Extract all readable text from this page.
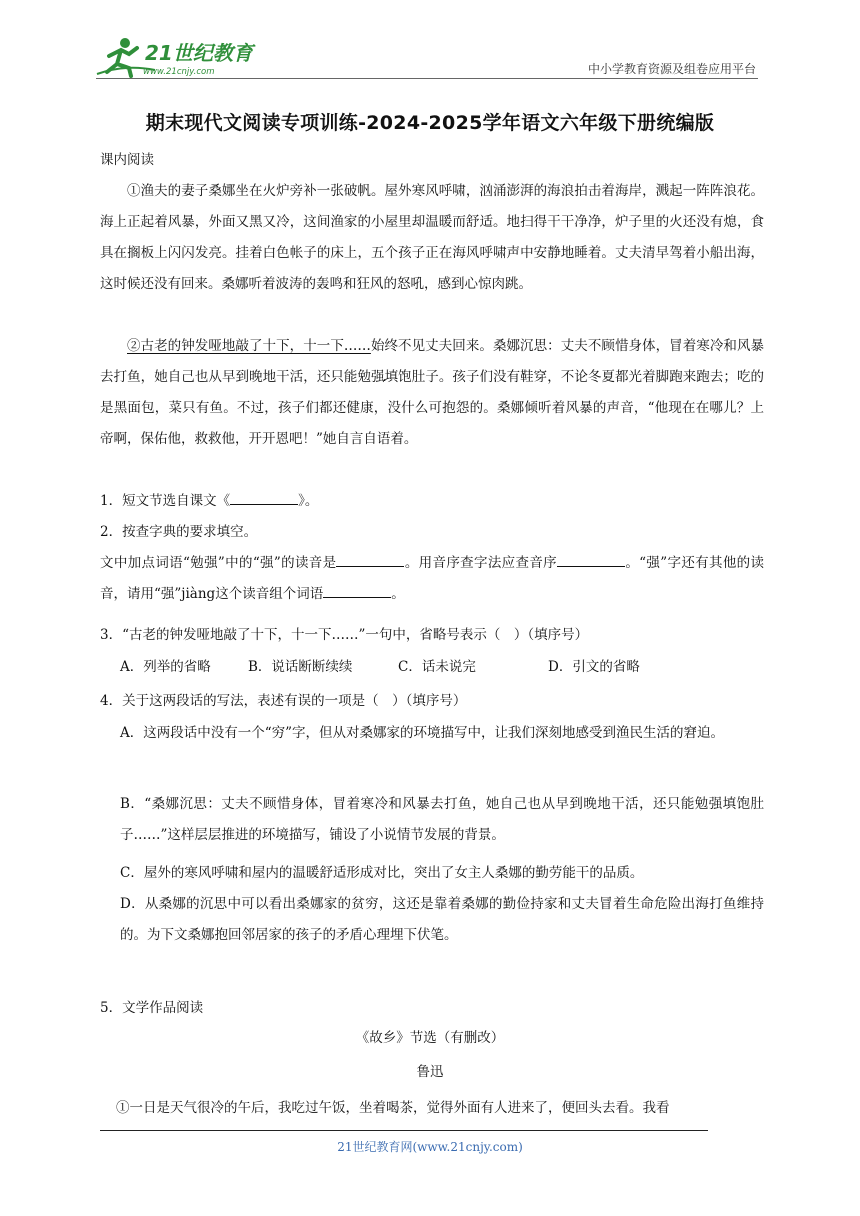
21世纪教育
www.21cnjy.com	中小学教育资源及组卷应用平台
期末现代文阅读专项训练-2024-2025学年语文六年级下册统编版
课内阅读

①渔夫的妻子桑娜坐在火炉旁补一张破帆。屋外寒风呼啸，汹涌澎湃的海浪拍击着海岸，溅起一阵阵浪花。海上正起着风暴，外面又黑又冷，这间渔家的小屋里却温暖而舒适。地扫得干干净净，炉子里的火还没有熄，食具在搁板上闪闪发亮。挂着白色帐子的床上，五个孩子正在海风呼啸声中安静地睡着。丈夫清早驾着小船出海，这时候还没有回来。桑娜听着波涛的轰鸣和狂风的怒吼，感到心惊肉跳。

②古老的钟发哑地敲了十下，十一下……始终不见丈夫回来。桑娜沉思：丈夫不顾惜身体，冒着寒冷和风暴去打鱼，她自己也从早到晚地干活，还只能勉强填饱肚子。孩子们没有鞋穿，不论冬夏都光着脚跑来跑去；吃的是黑面包，菜只有鱼。不过，孩子们都还健康，没什么可抱怨的。桑娜倾听着风暴的声音，“他现在在哪儿？上帝啊，保佑他，救救他，开开恩吧！”她自言自语着。

1．短文节选自课文《	》。
2．按查字典的要求填空。

文中加点词语“勉强”中的“强”的读音是	。用音序查字法应查音序	。“强”字还有其他的读音，请用“强”jiàng这个读音组个词语	。

3．“古老的钟发哑地敲了十下，十一下……”一句中，省略号表示（　）（填序号）
A．列举的省略	B．说话断断续续	C．话未说完	D．引文的省略
4．关于这两段话的写法，表述有误的一项是（　）（填序号）

A．这两段话中没有一个“穷”字，但从对桑娜家的环境描写中，让我们深刻地感受到渔民生活的窘迫。

B．“桑娜沉思：丈夫不顾惜身体，冒着寒冷和风暴去打鱼，她自己也从早到晚地干活，还只能勉强填饱肚子……”这样层层推进的环境描写，铺设了小说情节发展的背景。

C．屋外的寒风呼啸和屋内的温暖舒适形成对比，突出了女主人桑娜的勤劳能干的品质。

D．从桑娜的沉思中可以看出桑娜家的贫穷，这还是靠着桑娜的勤俭持家和丈夫冒着生命危险出海打鱼维持的。为下文桑娜抱回邻居家的孩子的矛盾心理埋下伏笔。

5．文学作品阅读
《故乡》节选（有删改）
鲁迅
①一日是天气很冷的午后，我吃过午饭，坐着喝茶，觉得外面有人进来了，便回头去看。我看
21世纪教育网(www.21cnjy.com)
